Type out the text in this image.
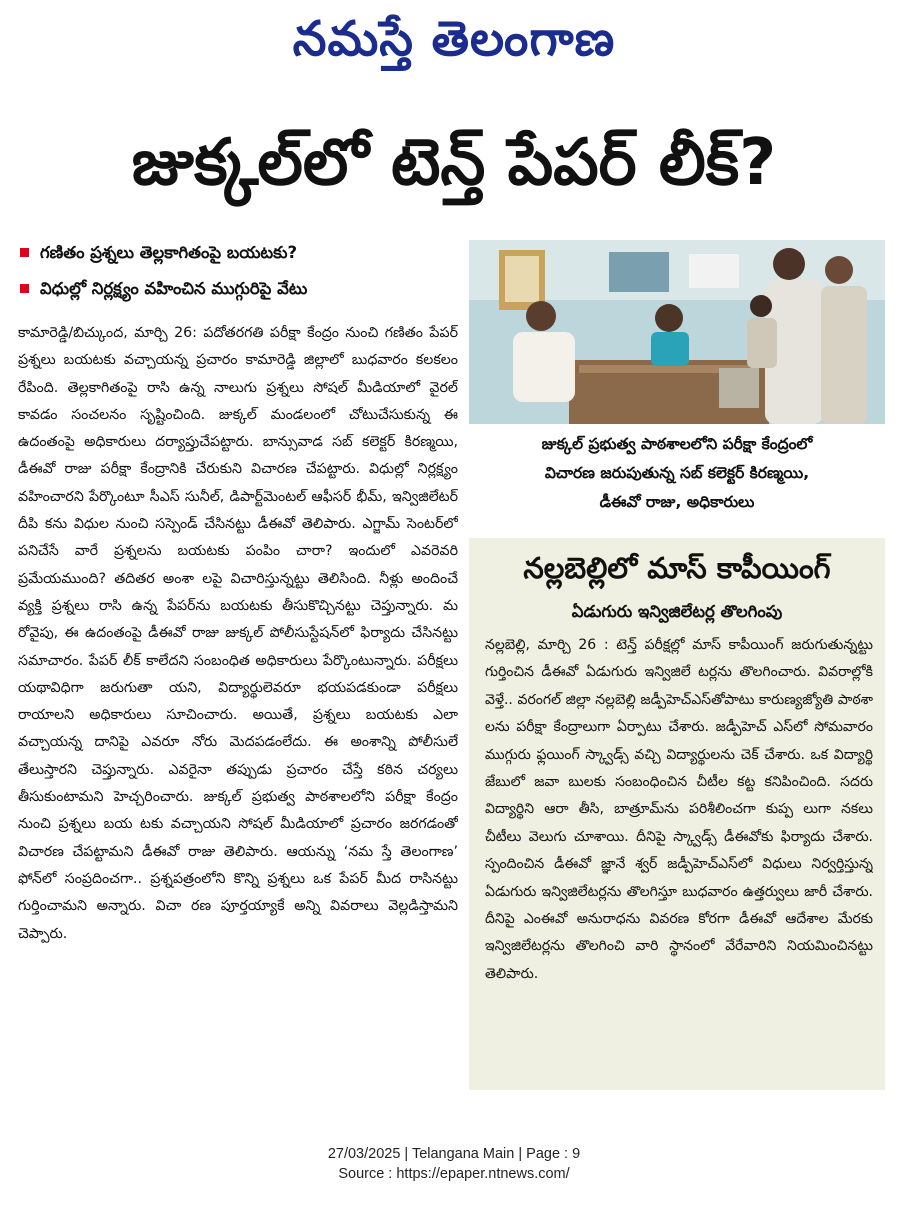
నమస్తే తెలంగాణ
జుక్కల్‌లో టెన్త్ పేపర్ లీక్?
గణితం ప్రశ్నలు తెల్లకాగితంపై బయటకు?
విధుల్లో నిర్లక్ష్యం వహించిన ముగ్గురిపై వేటు

కామారెడ్డి/బిచ్కుంద, మార్చి 26: పదోతరగతి పరీక్షా కేంద్రం నుంచి గణితం పేపర్ ప్రశ్నలు బయటకు వచ్చాయన్న ప్రచారం కామారెడ్డి జిల్లాలో బుధవారం కలకలం రేపింది. తెల్లకాగితంపై రాసి ఉన్న నాలుగు ప్రశ్నలు సోషల్ మీడియాలో వైరల్ కావడం సంచలనం సృష్టించింది. జుక్కల్ మండలంలో చోటుచేసుకున్న ఈ ఉదంతంపై అధికారులు దర్యాప్తుచేపట్టారు. బాన్సువాడ సబ్ కలెక్టర్ కిరణ్మయి, డీఈవో రాజు పరీక్షా కేంద్రానికి చేరుకుని విచారణ చేపట్టారు. విధుల్లో నిర్లక్ష్యం వహించారని పేర్కొంటూ సీఎస్ సునీల్, డిపార్ట్‌మెంటల్ ఆఫీసర్ భీమ్, ఇన్విజిలేటర్ దీపి కను విధుల నుంచి సస్పెండ్ చేసినట్టు డీఈవో తెలిపారు. ఎగ్జామ్ సెంటర్‌లో పనిచేసే వారే ప్రశ్నలను బయటకు పంపిం చారా? ఇందులో ఎవరెవరి ప్రమేయముంది? తదితర అంశా లపై విచారిస్తున్నట్టు తెలిసింది. నీళ్లు అందించే వ్యక్తి ప్రశ్నలు రాసి ఉన్న పేపర్‌ను బయటకు తీసుకొచ్చినట్టు చెప్తున్నారు. మ రోవైపు, ఈ ఉదంతంపై డీఈవో రాజు జుక్కల్ పోలీసుస్టేషన్‌లో ఫిర్యాదు చేసినట్టు సమాచారం. పేపర్ లీక్ కాలేదని సంబంధిత అధికారులు పేర్కొంటున్నారు. పరీక్షలు యథావిధిగా జరుగుతా యని, విద్యార్థులెవరూ భయపడకుండా పరీక్షలు రాయాలని అధికారులు సూచించారు. అయితే, ప్రశ్నలు బయటకు ఎలా వచ్చాయన్న దానిపై ఎవరూ నోరు మెదపడంలేదు. ఈ అంశాన్ని పోలీసులే తేలుస్తారని చెప్తున్నారు. ఎవరైనా తప్పుడు ప్రచారం చేస్తే కఠిన చర్యలు తీసుకుంటామని హెచ్చరించారు. జుక్కల్ ప్రభుత్వ పాఠశాలలోని పరీక్షా కేంద్రం నుంచి ప్రశ్నలు బయ టకు వచ్చాయని సోషల్ మీడియాలో ప్రచారం జరగడంతో విచారణ చేపట్టామని డీఈవో రాజు తెలిపారు. ఆయన్ను ‘నమ స్తే తెలంగాణ’ ఫోన్‌లో సంప్రదించగా.. ప్రశ్నపత్రంలోని కొన్ని ప్రశ్నలు ఒక పేపర్ మీద రాసినట్టు గుర్తించామని అన్నారు. విచా రణ పూర్తయ్యాకే అన్ని వివరాలు వెల్లడిస్తామని చెప్పారు.

జుక్కల్ ప్రభుత్వ పాఠశాలలోని పరీక్షా కేంద్రంలో
విచారణ జరుపుతున్న సబ్ కలెక్టర్ కిరణ్మయి,
డీఈవో రాజు, అధికారులు
నల్లబెల్లిలో మాస్ కాపీయింగ్
ఏడుగురు ఇన్విజిలేటర్ల తొలగింపు

నల్లబెల్లి, మార్చి 26 : టెన్త్ పరీక్షల్లో మాస్ కాపీయింగ్ జరుగుతున్నట్టు గుర్తించిన డీఈవో ఏడుగురు ఇన్విజిలే టర్లను తొలగించారు. వివరాల్లోకి వెళ్తే.. వరంగల్ జిల్లా నల్లబెల్లి జడ్పీహెచ్‌ఎస్‌తోపాటు కారుణ్యజ్యోతి పాఠశా లను పరీక్షా కేంద్రాలుగా ఏర్పాటు చేశారు. జడ్పీహెచ్ ఎస్‌లో సోమవారం ముగ్గురు ఫ్లయింగ్ స్క్వాడ్స్ వచ్చి విద్యార్థులను చెక్ చేశారు. ఒక విద్యార్థి జేబులో జవా బులకు సంబంధించిన చీటీల కట్ట కనిపించింది. సదరు విద్యార్థిని ఆరా తీసి, బాత్రూమ్‌ను పరిశీలించగా కుప్ప లుగా నకలు చీటీలు వెలుగు చూశాయి. దీనిపై స్క్వాడ్స్ డీఈవోకు ఫిర్యాదు చేశారు. స్పందించిన డీఈవో జ్ఞానే శ్వర్ జడ్పీహెచ్‌ఎస్‌లో విధులు నిర్వర్తిస్తున్న ఏడుగురు ఇన్విజిలేటర్లను తొలగిస్తూ బుధవారం ఉత్తర్వులు జారీ చేశారు. దీనిపై ఎంఈవో అనురాధను వివరణ కోరగా డీఈవో ఆదేశాల మేరకు ఇన్విజిలేటర్లను తొలగించి వారి స్థానంలో వేరేవారిని నియమించినట్టు తెలిపారు.

27/03/2025 | Telangana Main | Page : 9
Source : https://epaper.ntnews.com/
